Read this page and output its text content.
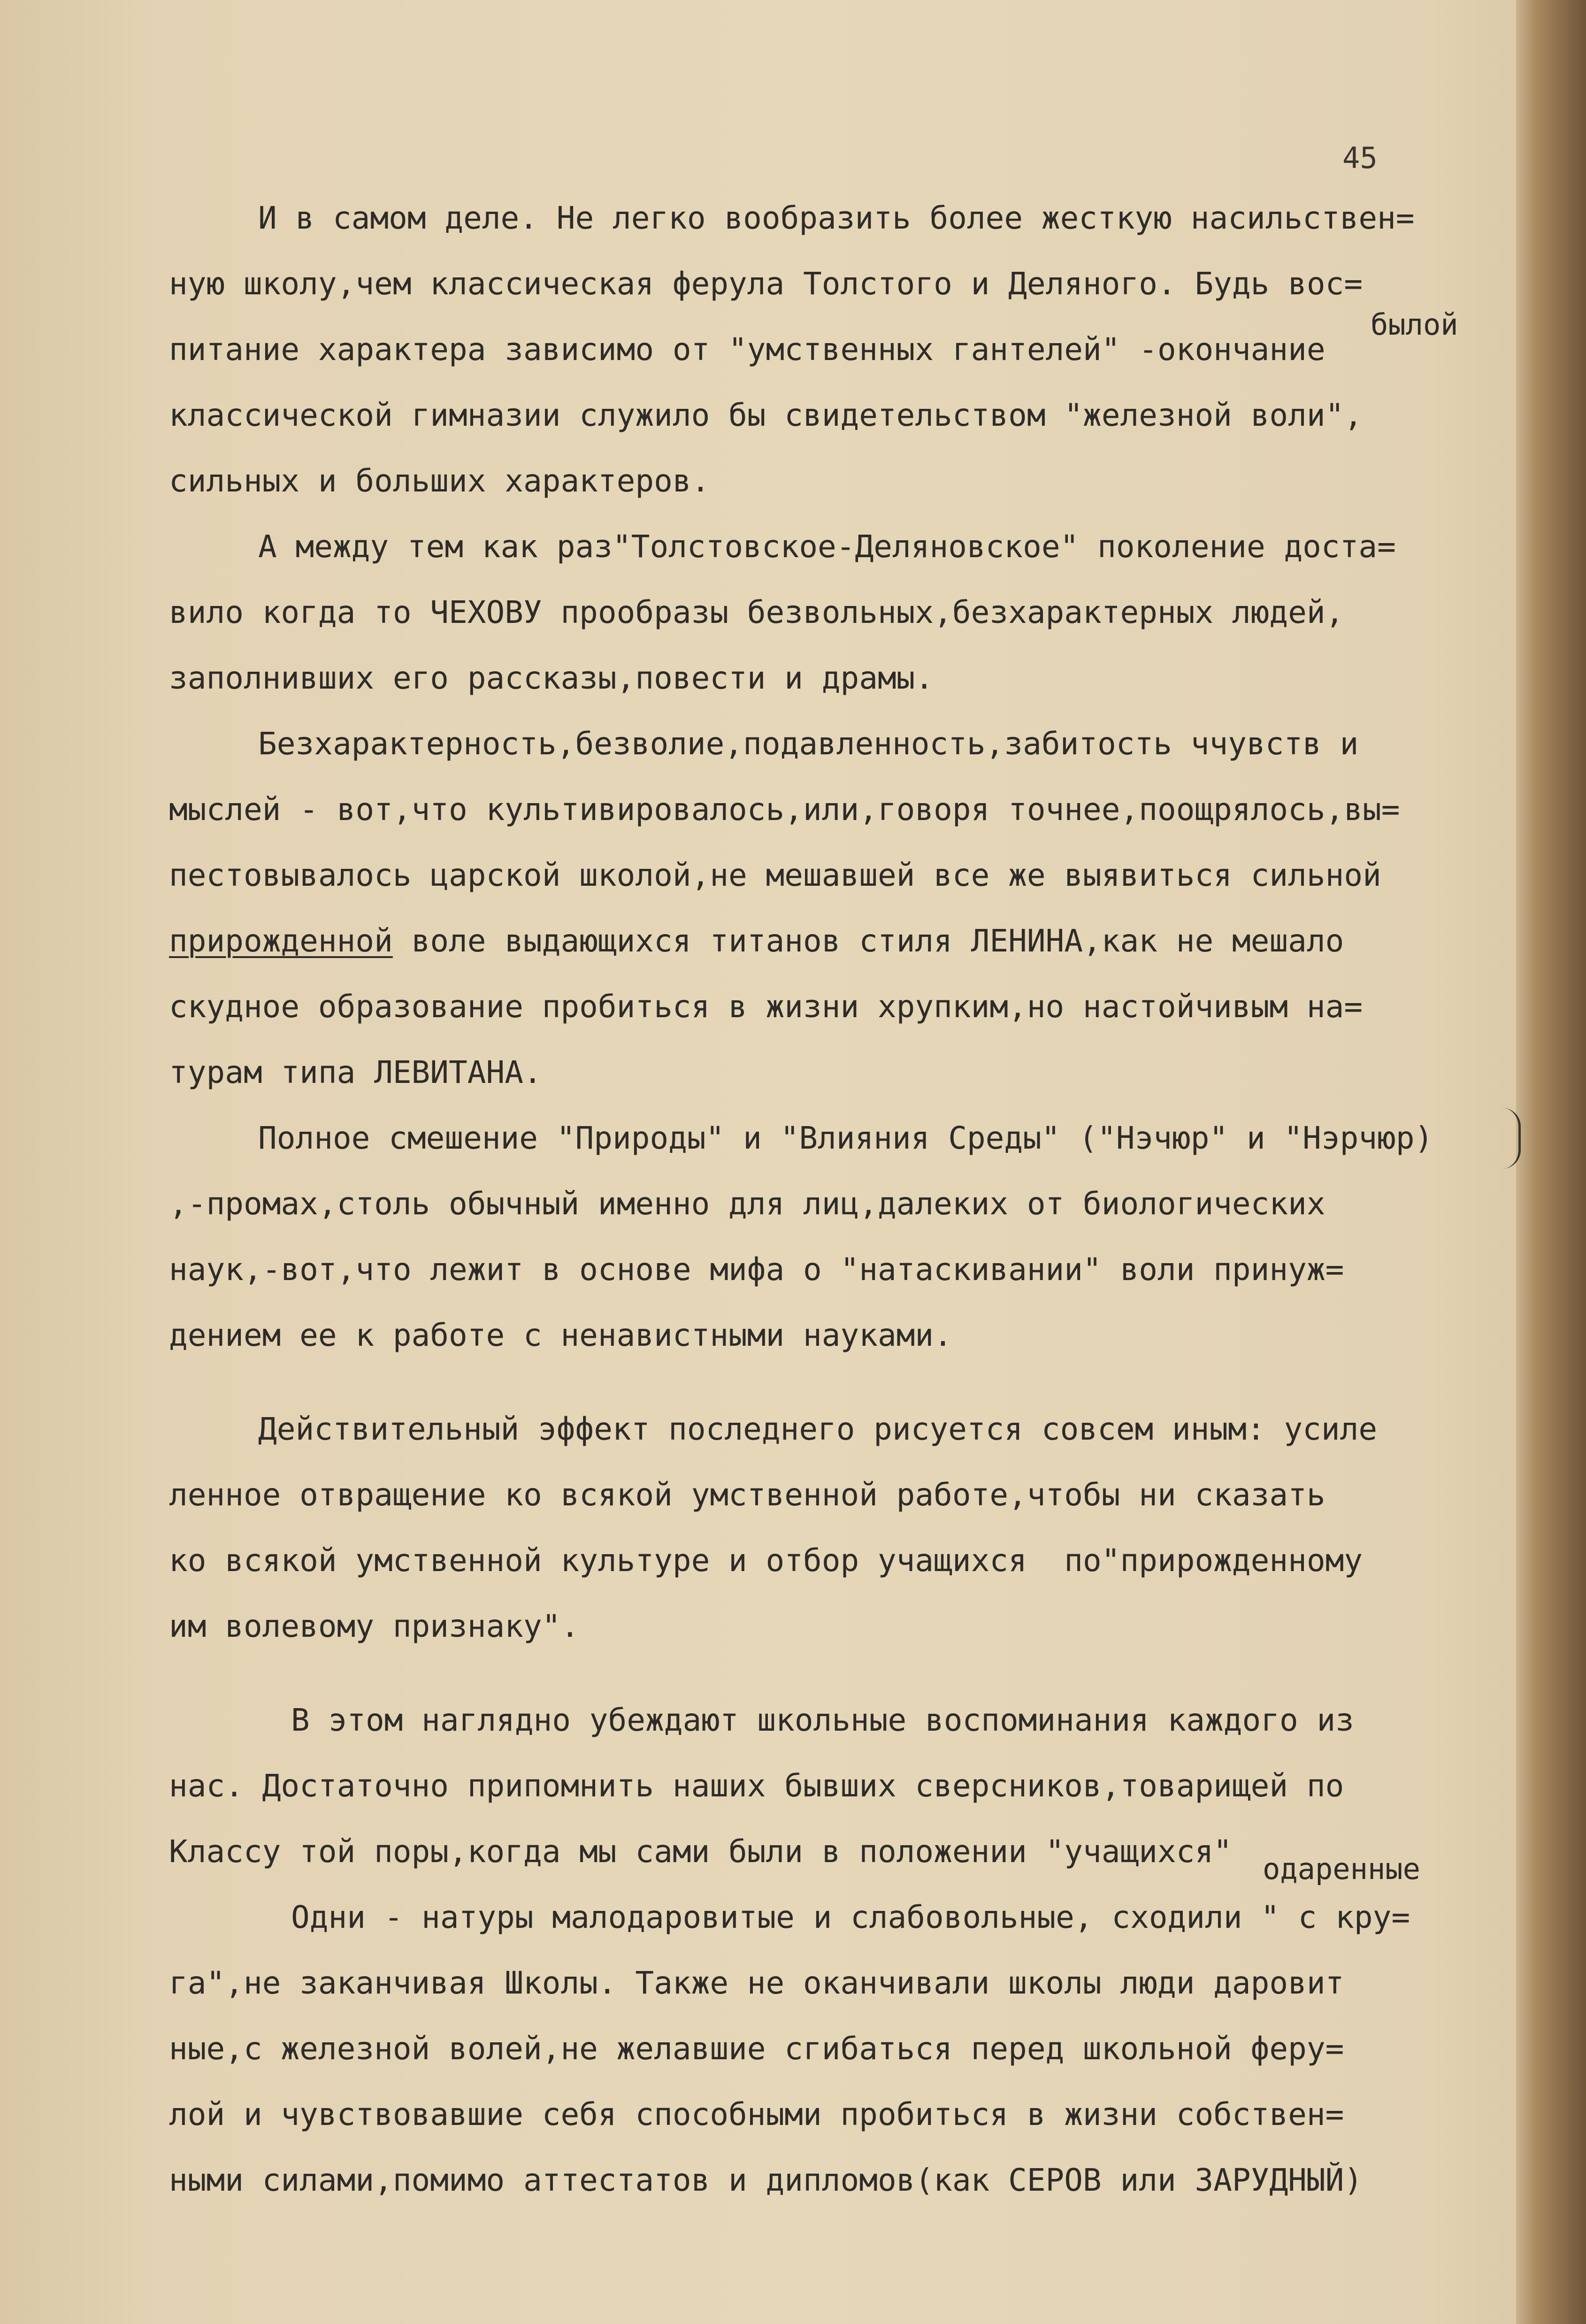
45
былой
одаренные
И в самом деле. Не легко вообразить более жесткую насильствен=
ную школу,чем классическая ферула Толстого и Деляного. Будь вос=
питание характера зависимо от "умственных гантелей" -окончание
классической гимназии служило бы свидетельством "железной воли",
сильных и больших характеров.
А между тем как раз"Толстовское-Деляновское" поколение доста=
вило когда то ЧЕХОВУ прообразы безвольных,безхарактерных людей,
заполнивших его рассказы,повести и драмы.
Безхарактерность,безволие,подавленность,забитость ччувств и
мыслей - вот,что культивировалось,или,говоря точнее,поощрялось,вы=
пестовывалось царской школой,не мешавшей все же выявиться сильной
прирожденной воле выдающихся титанов стиля ЛЕНИНА,как не мешало
скудное образование пробиться в жизни хрупким,но настойчивым на=
турам типа ЛЕВИТАНА.
Полное смешение "Природы" и "Влияния Среды" ("Нэчюр" и "Нэрчюр)
,-промах,столь обычный именно для лиц,далеких от биологических
наук,-вот,что лежит в основе мифа о "натаскивании" воли принуж=
дением ее к работе с ненавистными науками.
Действительный эффект последнего рисуется совсем иным: усиле
ленное отвращение ко всякой умственной работе,чтобы ни сказать
ко всякой умственной культуре и отбор учащихся  по"прирожденному
им волевому признаку".
В этом наглядно убеждают школьные воспоминания каждого из
нас. Достаточно припомнить наших бывших сверсников,товарищей по
Классу той поры,когда мы сами были в положении "учащихся"
Одни - натуры малодаровитые и слабовольные, сходили " с кру=
га",не заканчивая Школы. Также не оканчивали школы люди даровит
ные,с железной волей,не желавшие сгибаться перед школьной феру=
лой и чувствовавшие себя способными пробиться в жизни собствен=
ными силами,помимо аттестатов и дипломов(как СЕРОВ или ЗАРУДНЫЙ)
